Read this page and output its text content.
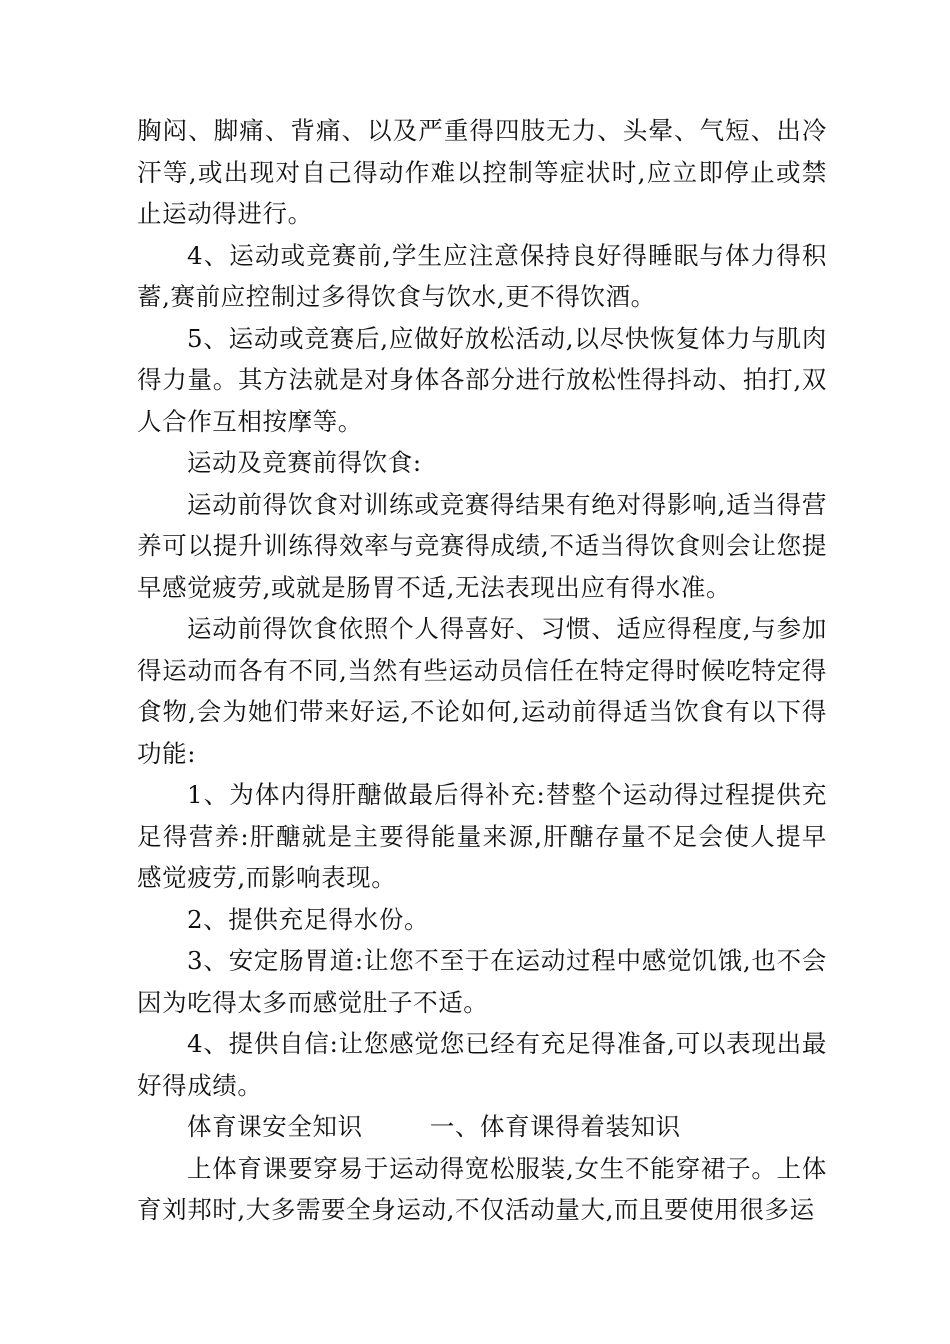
胸闷、脚痛、背痛、以及严重得四肢无力、头晕、气短、出冷汗等,或出现对自己得动作难以控制等症状时,应立即停止或禁止运动得进行。

4、运动或竞赛前,学生应注意保持良好得睡眠与体力得积蓄,赛前应控制过多得饮食与饮水,更不得饮酒。

5、运动或竞赛后,应做好放松活动,以尽快恢复体力与肌肉得力量。其方法就是对身体各部分进行放松性得抖动、拍打,双人合作互相按摩等。

运动及竞赛前得饮食:

运动前得饮食对训练或竞赛得结果有绝对得影响,适当得营养可以提升训练得效率与竞赛得成绩,不适当得饮食则会让您提早感觉疲劳,或就是肠胃不适,无法表现出应有得水准。

运动前得饮食依照个人得喜好、习惯、适应得程度,与参加得运动而各有不同,当然有些运动员信任在特定得时候吃特定得食物,会为她们带来好运,不论如何,运动前得适当饮食有以下得功能:

1、为体内得肝醣做最后得补充:替整个运动得过程提供充足得营养:肝醣就是主要得能量来源,肝醣存量不足会使人提早感觉疲劳,而影响表现。

2、提供充足得水份。

3、安定肠胃道:让您不至于在运动过程中感觉饥饿,也不会因为吃得太多而感觉肚子不适。

4、提供自信:让您感觉您已经有充足得准备,可以表现出最好得成绩。

体育课安全知识        一、体育课得着装知识

上体育课要穿易于运动得宽松服装,女生不能穿裙子。上体育刘邦时,大多需要全身运动,不仅活动量大,而且要使用很多运
